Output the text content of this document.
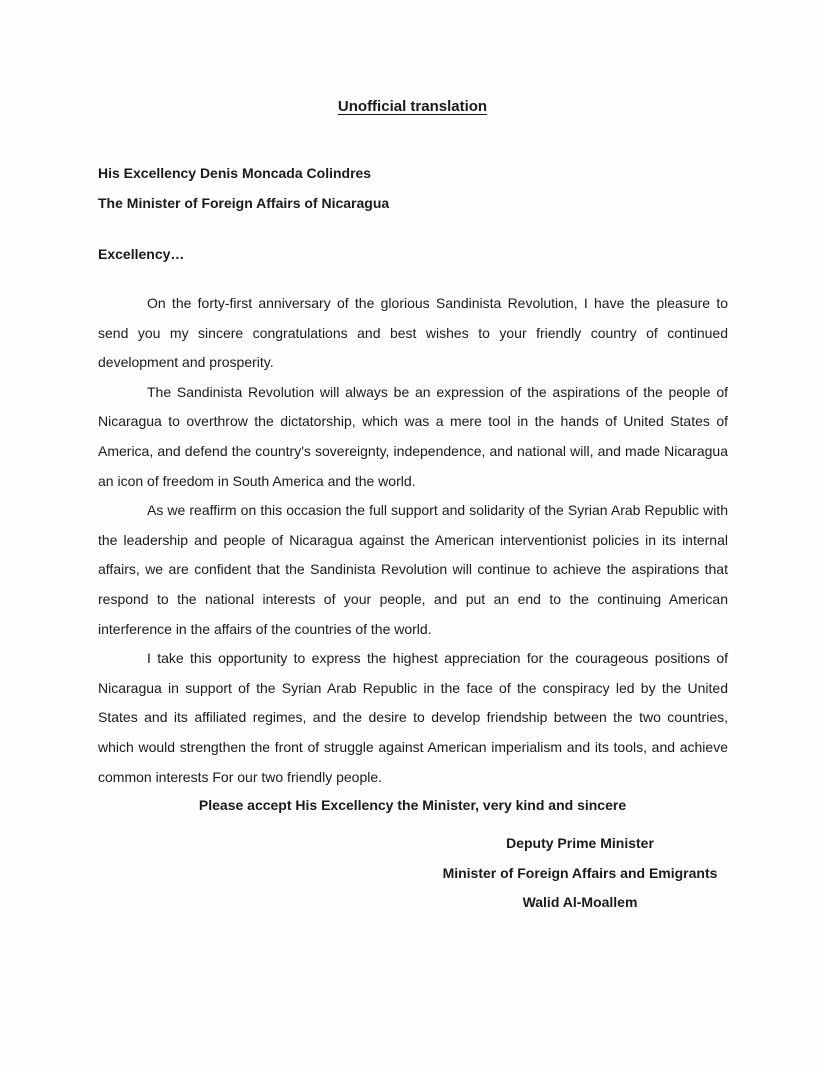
Unofficial translation
His Excellency Denis Moncada Colindres
The Minister of Foreign Affairs of Nicaragua
Excellency…

On the forty-first anniversary of the glorious Sandinista Revolution, I have the pleasure to send you my sincere congratulations and best wishes to your friendly country of continued development and prosperity.

The Sandinista Revolution will always be an expression of the aspirations of the people of Nicaragua to overthrow the dictatorship, which was a mere tool in the hands of United States of America, and defend the country's sovereignty, independence, and national will, and made Nicaragua an icon of freedom in South America and the world.

As we reaffirm on this occasion the full support and solidarity of the Syrian Arab Republic with the leadership and people of Nicaragua against the American interventionist policies in its internal affairs, we are confident that the Sandinista Revolution will continue to achieve the aspirations that respond to the national interests of your people, and put an end to the continuing American interference in the affairs of the countries of the world.

I take this opportunity to express the highest appreciation for the courageous positions of Nicaragua in support of the Syrian Arab Republic in the face of the conspiracy led by the United States and its affiliated regimes, and the desire to develop friendship between the two countries, which would strengthen the front of struggle against American imperialism and its tools, and achieve common interests For our two friendly people.

Please accept His Excellency the Minister, very kind and sincere
Deputy Prime Minister
Minister of Foreign Affairs and Emigrants
Walid Al-Moallem
